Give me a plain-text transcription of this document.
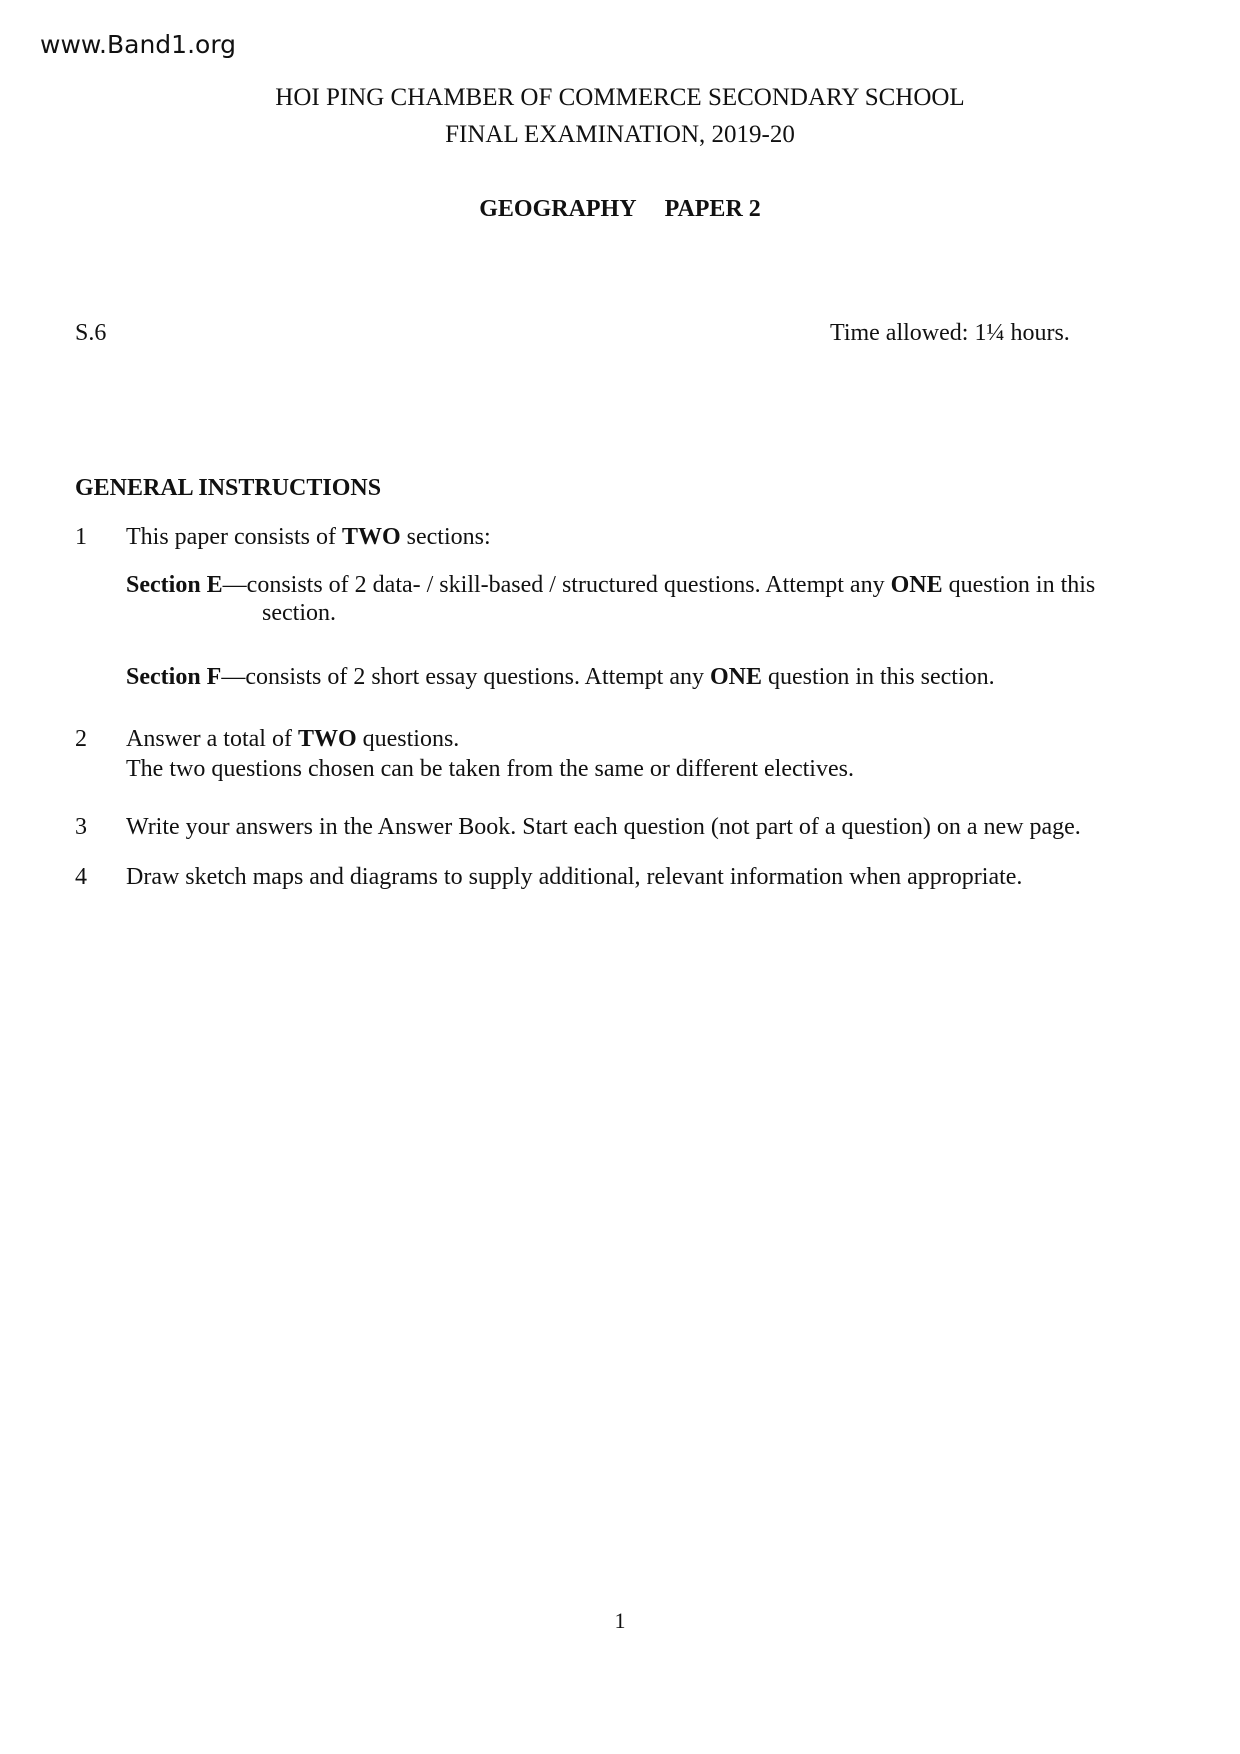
www.Band1.org
HOI PING CHAMBER OF COMMERCE SECONDARY SCHOOL
FINAL EXAMINATION, 2019-20
GEOGRAPHY PAPER 2
S.6	Time allowed: 1¼ hours.
GENERAL INSTRUCTIONS
1 This paper consists of TWO sections:
Section E—consists of 2 data- / skill-based / structured questions. Attempt any ONE question in this
section.
Section F—consists of 2 short essay questions. Attempt any ONE question in this section.
2 Answer a total of TWO questions.
The two questions chosen can be taken from the same or different electives.
3 Write your answers in the Answer Book. Start each question (not part of a question) on a new page.
4 Draw sketch maps and diagrams to supply additional, relevant information when appropriate.
1
